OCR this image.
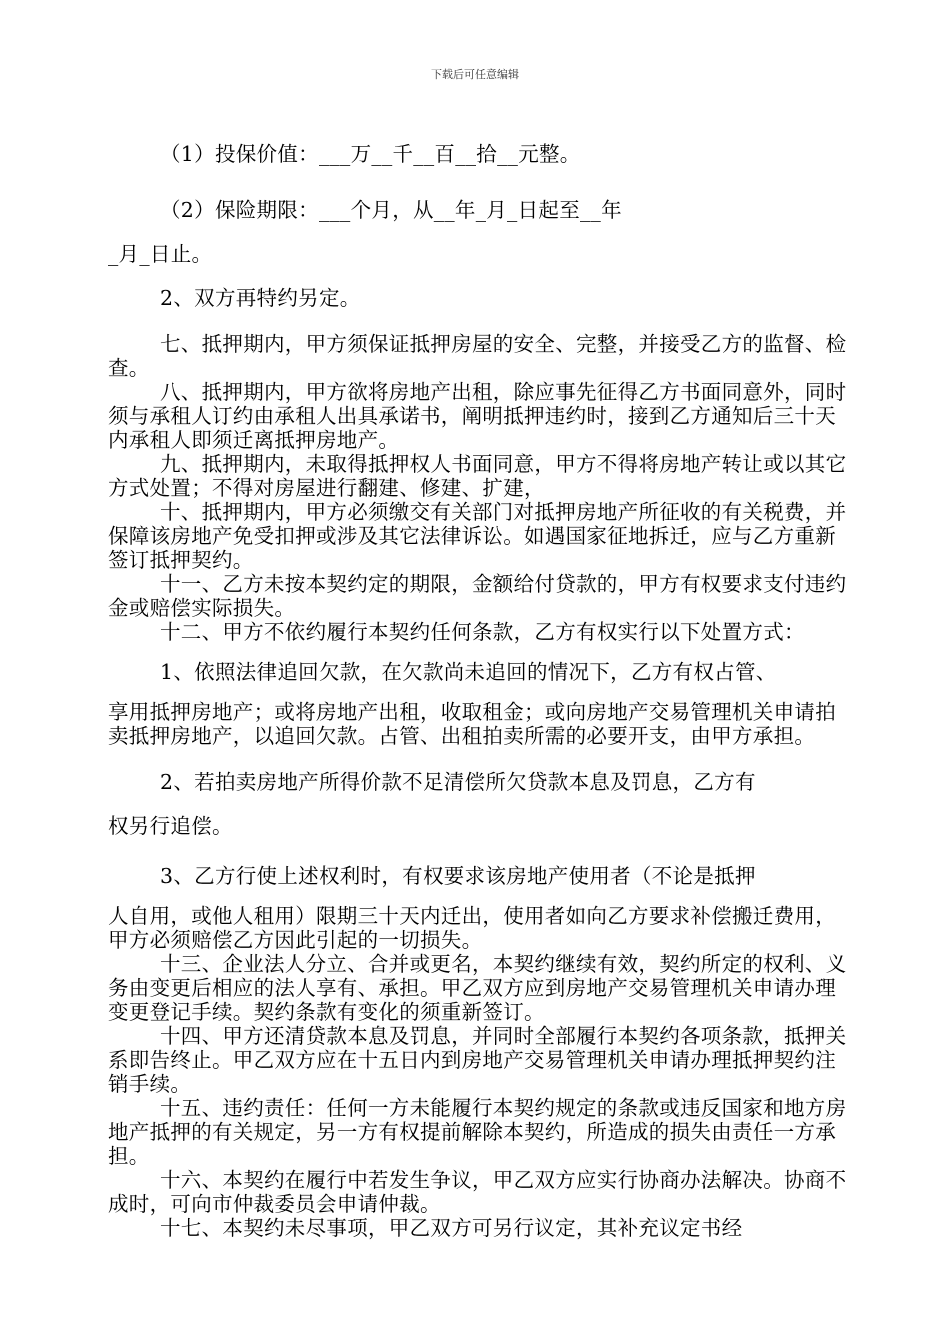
下载后可任意编辑

（1）投保价值：___万__千__百__拾__元整。

（2）保险期限：___个月，从__年_月_日起至__年

_月_日止。

2、双方再特约另定。

七、抵押期内，甲方须保证抵押房屋的安全、完整，并接受乙方的监督、检查。

八、抵押期内，甲方欲将房地产出租，除应事先征得乙方书面同意外，同时须与承租人订约由承租人出具承诺书，阐明抵押违约时，接到乙方通知后三十天内承租人即须迁离抵押房地产。

九、抵押期内，未取得抵押权人书面同意，甲方不得将房地产转让或以其它方式处置；不得对房屋进行翻建、修建、扩建，

十、抵押期内，甲方必须缴交有关部门对抵押房地产所征收的有关税费，并保障该房地产免受扣押或涉及其它法律诉讼。如遇国家征地拆迁，应与乙方重新签订抵押契约。

十一、乙方未按本契约定的期限，金额给付贷款的，甲方有权要求支付违约金或赔偿实际损失。

十二、甲方不依约履行本契约任何条款，乙方有权实行以下处置方式：

1、依照法律追回欠款，在欠款尚未追回的情况下，乙方有权占管、

享用抵押房地产；或将房地产出租，收取租金；或向房地产交易管理机关申请拍卖抵押房地产，以追回欠款。占管、出租拍卖所需的必要开支，由甲方承担。

2、若拍卖房地产所得价款不足清偿所欠贷款本息及罚息，乙方有

权另行追偿。

3、乙方行使上述权利时，有权要求该房地产使用者（不论是抵押

人自用，或他人租用）限期三十天内迁出，使用者如向乙方要求补偿搬迁费用，甲方必须赔偿乙方因此引起的一切损失。

十三、企业法人分立、合并或更名，本契约继续有效，契约所定的权利、义务由变更后相应的法人享有、承担。甲乙双方应到房地产交易管理机关申请办理变更登记手续。契约条款有变化的须重新签订。

十四、甲方还清贷款本息及罚息，并同时全部履行本契约各项条款，抵押关系即告终止。甲乙双方应在十五日内到房地产交易管理机关申请办理抵押契约注销手续。

十五、违约责任：任何一方未能履行本契约规定的条款或违反国家和地方房地产抵押的有关规定，另一方有权提前解除本契约，所造成的损失由责任一方承担。

十六、本契约在履行中若发生争议，甲乙双方应实行协商办法解决。协商不成时，可向市仲裁委员会申请仲裁。

十七、本契约未尽事项，甲乙双方可另行议定，其补充议定书经
